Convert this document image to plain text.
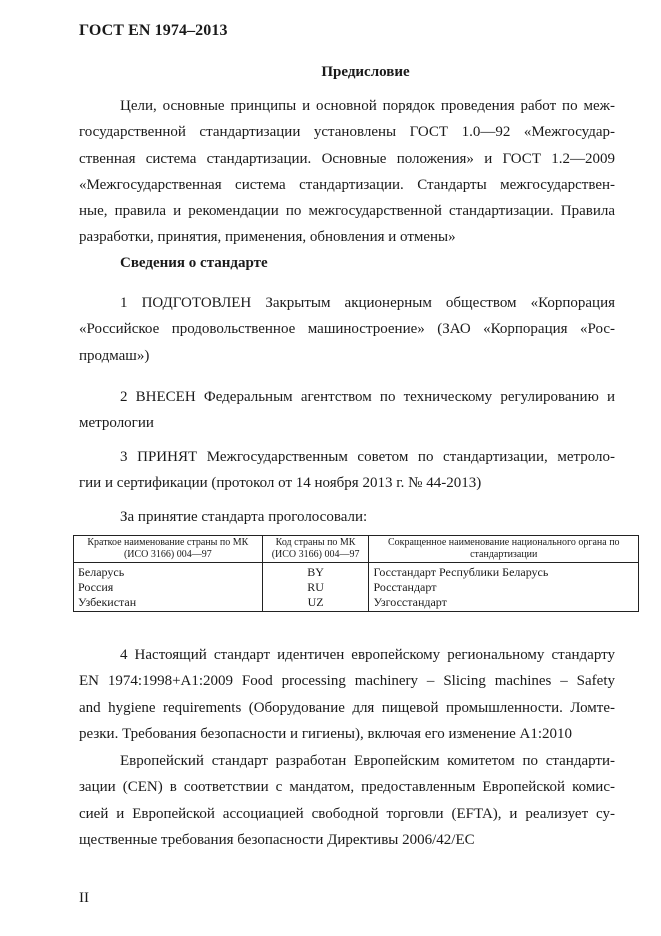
ГОСТ EN 1974–2013
Предисловие
Цели, основные принципы и основной порядок проведения работ по меж-
государственной стандартизации установлены ГОСТ 1.0—92 «Межгосудар-
ственная система стандартизации. Основные положения» и ГОСТ 1.2—2009
«Межгосударственная система стандартизации. Стандарты межгосударствен-
ные, правила и рекомендации по межгосударственной стандартизации. Правила
разработки, принятия, применения, обновления и отмены»
Сведения о стандарте
1 ПОДГОТОВЛЕН Закрытым акционерным обществом «Корпорация
«Российское продовольственное машиностроение» (ЗАО «Корпорация «Рос-
продмаш»)
2 ВНЕСЕН Федеральным агентством по техническому регулированию и
метрологии
3 ПРИНЯТ Межгосударственным советом по стандартизации, метроло-
гии и сертификации (протокол от 14 ноября 2013 г. № 44-2013)
За принятие стандарта проголосовали:
Краткое наименование страны по МК (ИСО 3166) 004—97	Код страны по МК (ИСО 3166) 004—97	Сокращенное наименование национального органа по стандартизации
Беларусь	BY	Госстандарт Республики Беларусь
Россия	RU	Росстандарт
Узбекистан	UZ	Узгосстандарт
4 Настоящий стандарт идентичен европейскому региональному стандарту
EN 1974:1998+A1:2009 Food processing machinery – Slicing machines – Safety
and hygiene requirements (Оборудование для пищевой промышленности. Ломте-
резки. Требования безопасности и гигиены), включая его изменение A1:2010
Европейский стандарт разработан Европейским комитетом по стандарти-
зации (CEN) в соответствии с мандатом, предоставленным Европейской комис-
сией и Европейской ассоциацией свободной торговли (EFTA), и реализует су-
щественные требования безопасности Директивы 2006/42/ЕС
II
